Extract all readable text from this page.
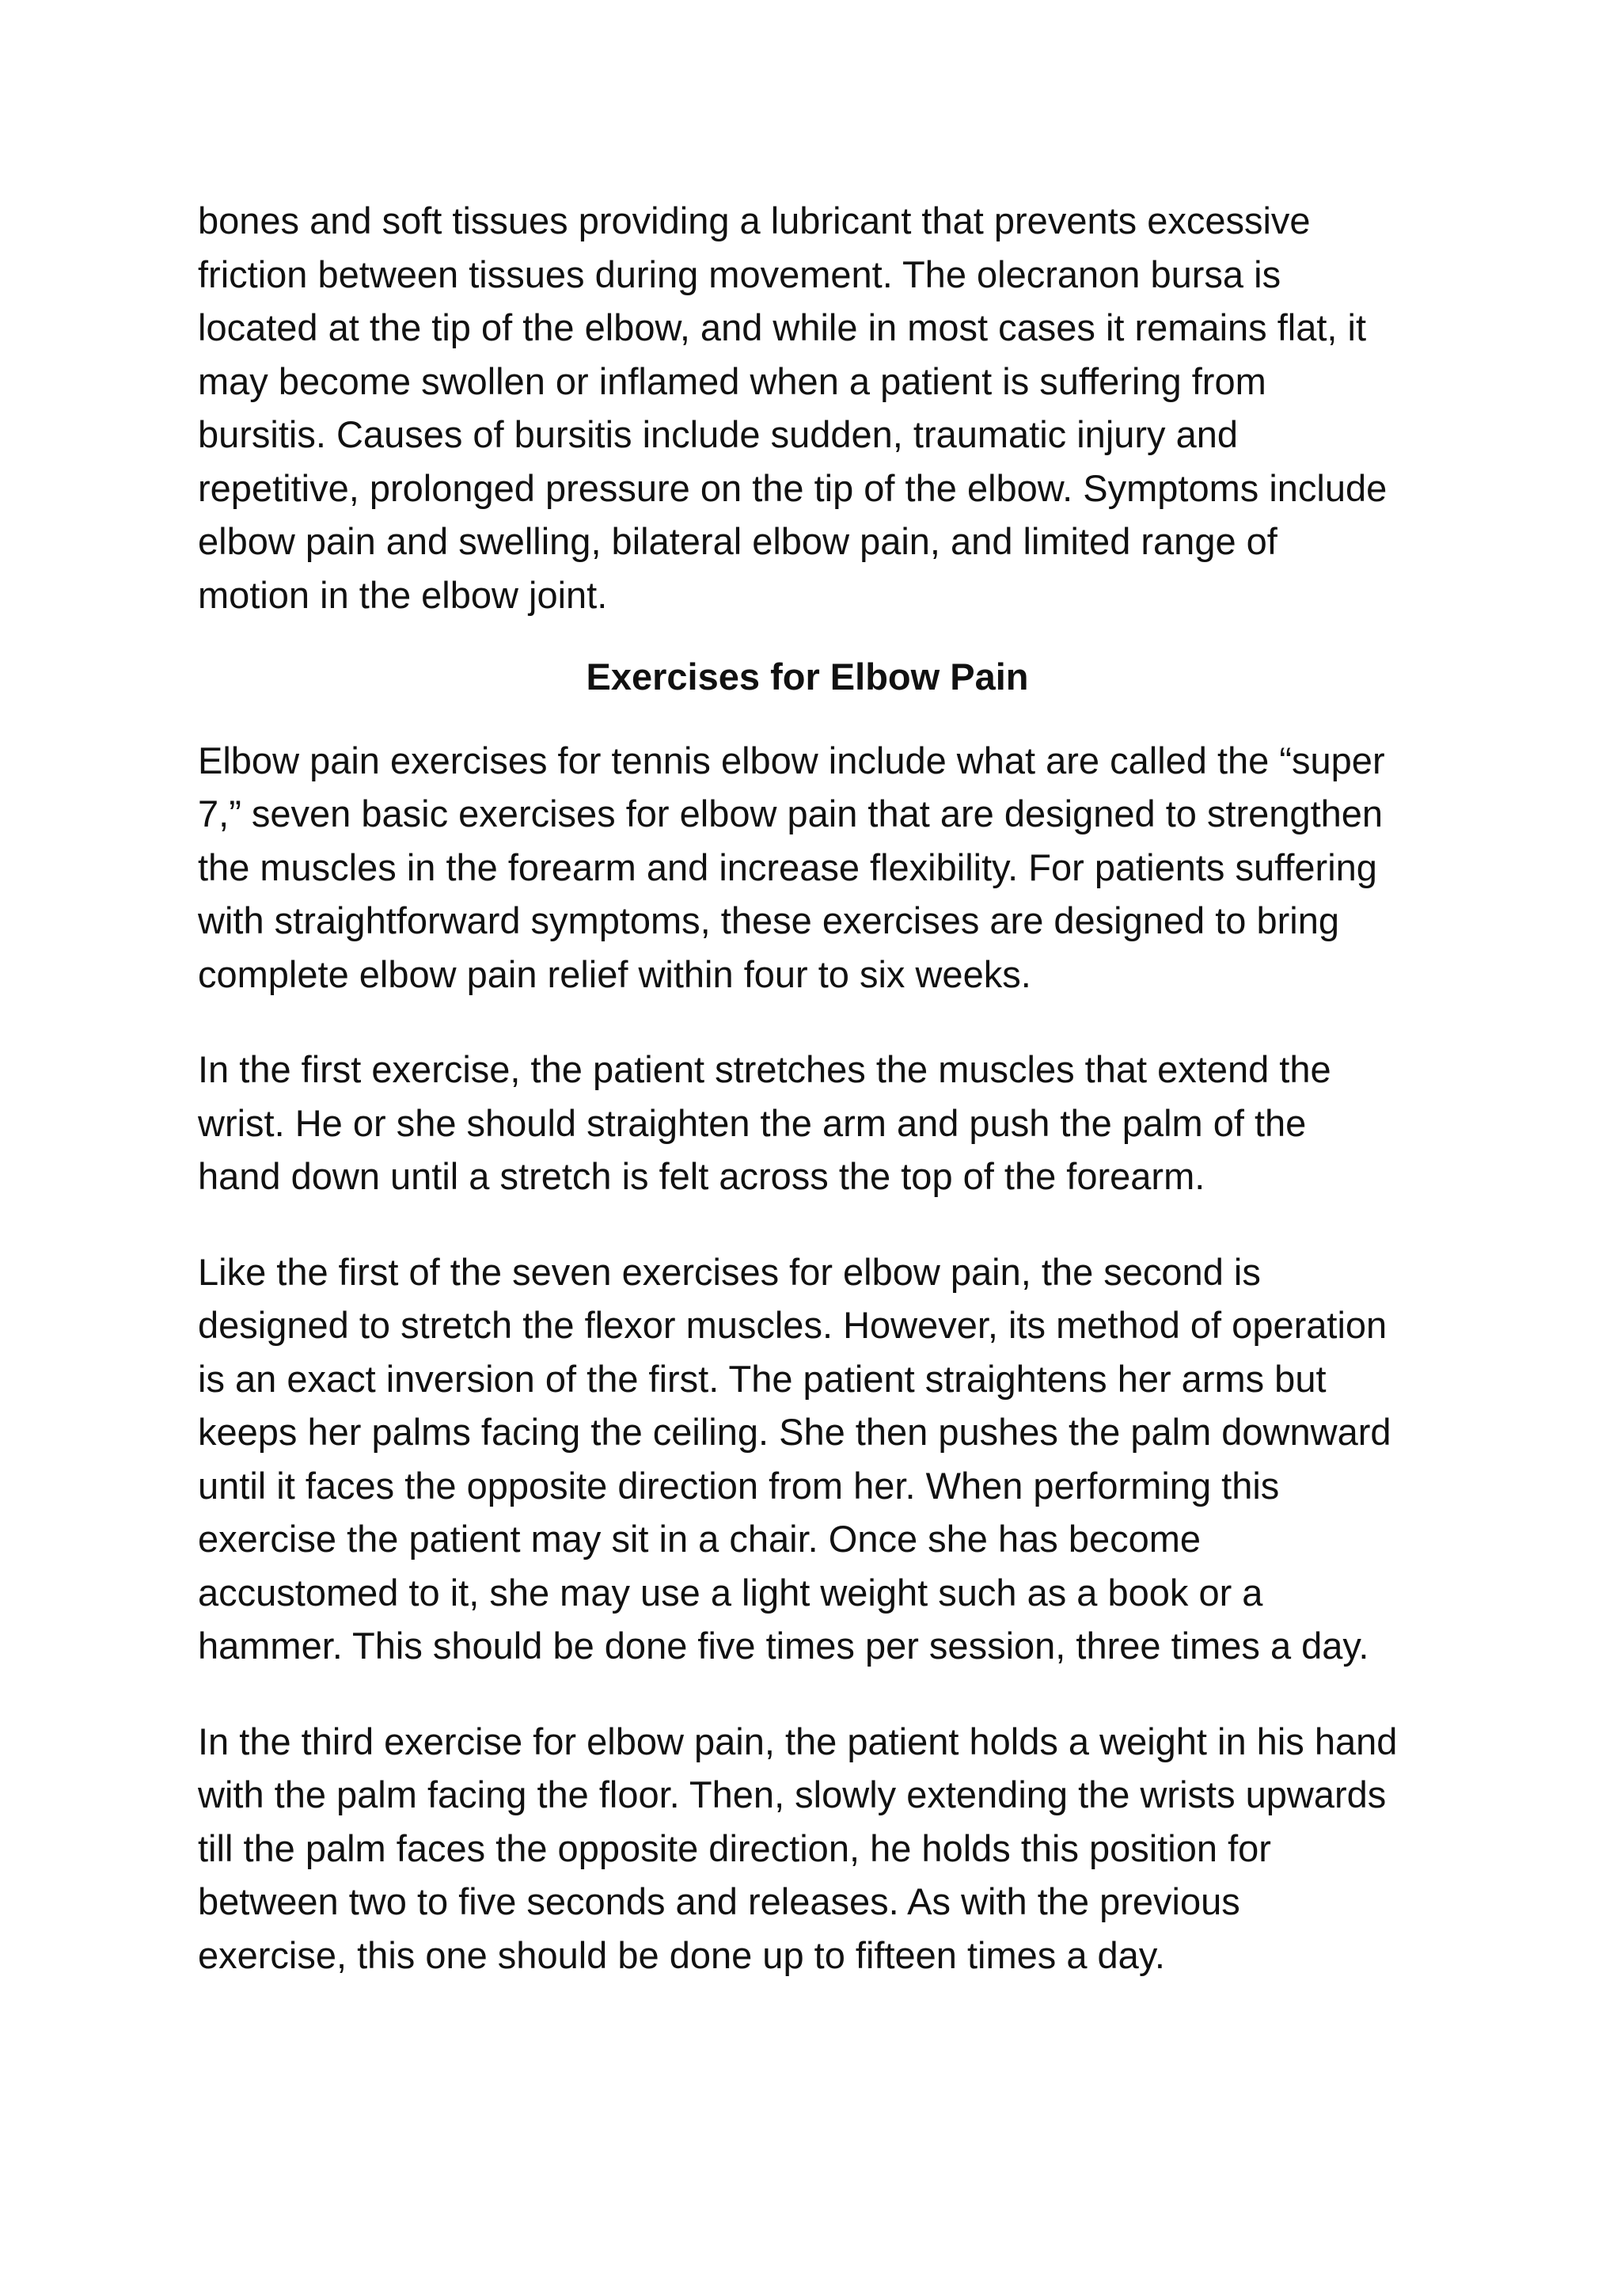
bones and soft tissues providing a lubricant that prevents excessive
friction between tissues during movement. The olecranon bursa is
located at the tip of the elbow, and while in most cases it remains flat, it
may become swollen or inflamed when a patient is suffering from
bursitis. Causes of bursitis include sudden, traumatic injury and
repetitive, prolonged pressure on the tip of the elbow. Symptoms include
elbow pain and swelling, bilateral elbow pain, and limited range of
motion in the elbow joint.

Exercises for Elbow Pain

Elbow pain exercises for tennis elbow include what are called the “super
7,” seven basic exercises for elbow pain that are designed to strengthen
the muscles in the forearm and increase flexibility. For patients suffering
with straightforward symptoms, these exercises are designed to bring
complete elbow pain relief within four to six weeks.

In the first exercise, the patient stretches the muscles that extend the
wrist. He or she should straighten the arm and push the palm of the
hand down until a stretch is felt across the top of the forearm.

Like the first of the seven exercises for elbow pain, the second is
designed to stretch the flexor muscles. However, its method of operation
is an exact inversion of the first. The patient straightens her arms but
keeps her palms facing the ceiling. She then pushes the palm downward
until it faces the opposite direction from her. When performing this
exercise the patient may sit in a chair. Once she has become
accustomed to it, she may use a light weight such as a book or a
hammer. This should be done five times per session, three times a day.

In the third exercise for elbow pain, the patient holds a weight in his hand
with the palm facing the floor. Then, slowly extending the wrists upwards
till the palm faces the opposite direction, he holds this position for
between two to five seconds and releases. As with the previous
exercise, this one should be done up to fifteen times a day.
